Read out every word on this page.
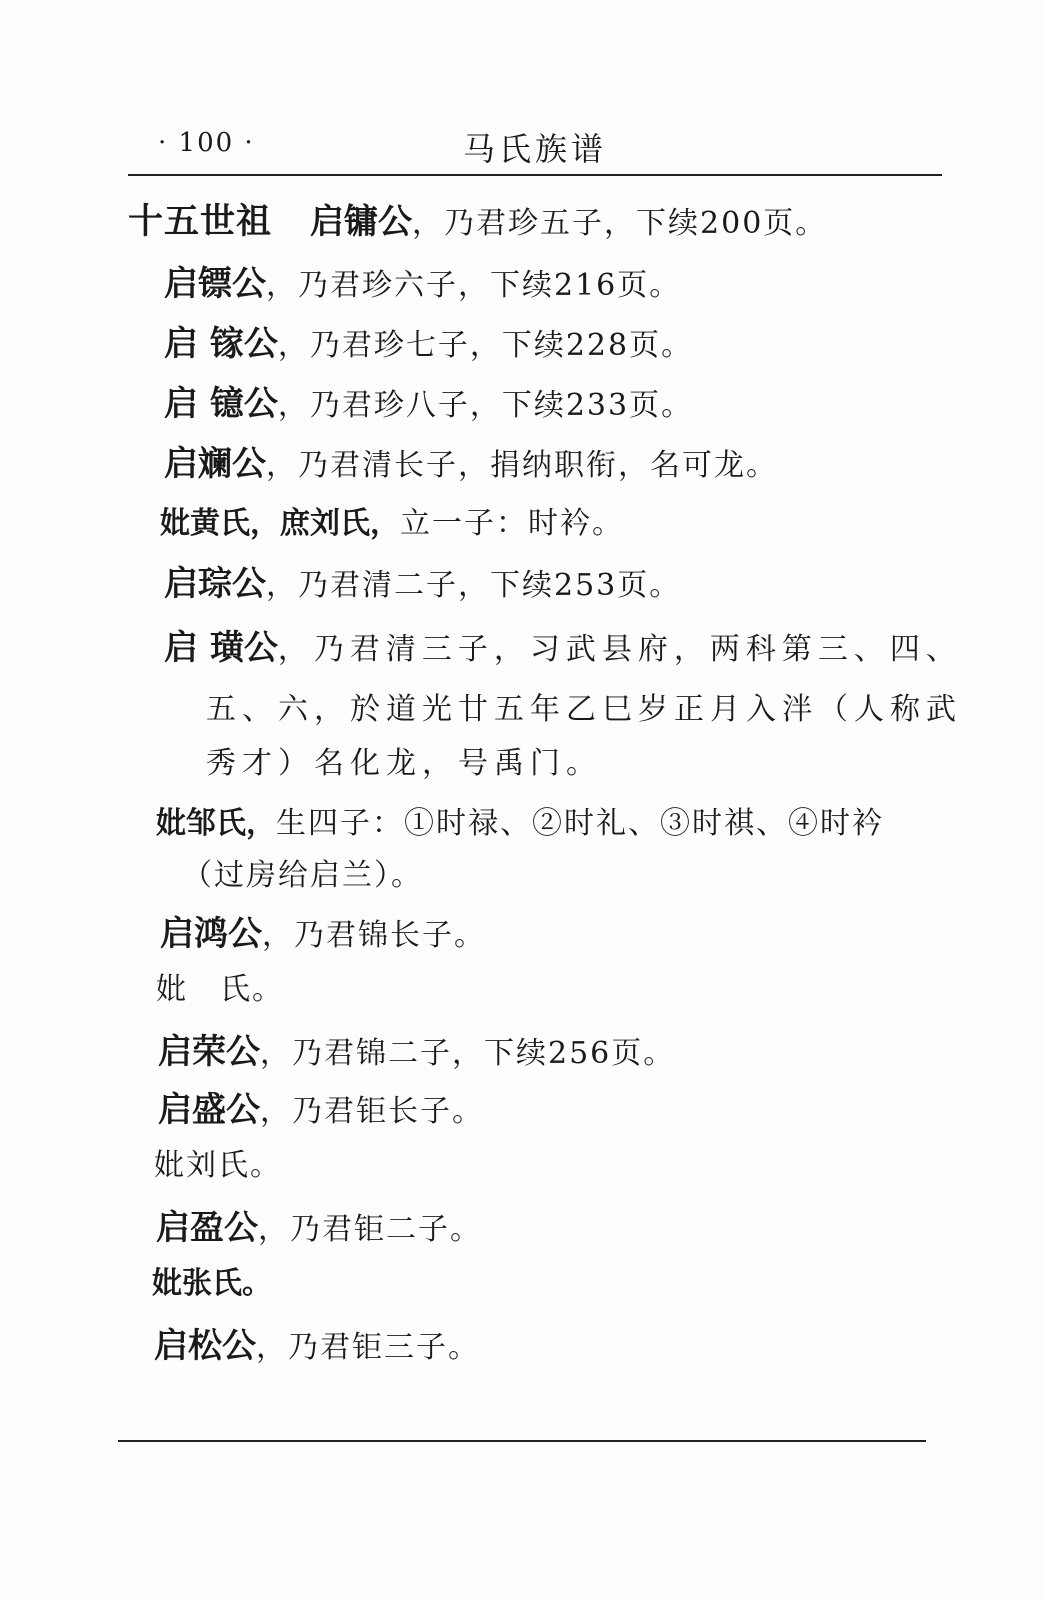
· 100 ·	马氏族谱
十五世祖 启镛公，乃君珍五子，下续200页。
启镖公，乃君珍六子，下续216页。
启 镓公，乃君珍七子，下续228页。
启 镱公，乃君珍八子，下续233页。
启斓公，乃君清长子，捐纳职衔，名可龙。
妣黄氏，庶刘氏，立一子：时衿。
启琮公，乃君清二子，下续253页。
启 璜公，乃君清三子，习武县府，两科第三、四、
五、六，於道光廿五年乙巳岁正月入泮（人称武
秀才）名化龙，号禹门。
妣邹氏，生四子：①时禄、②时礼、③时祺、④时衿
（过房给启兰）。
启鸿公，乃君锦长子。
妣　氏。
启荣公，乃君锦二子，下续256页。
启盛公，乃君钜长子。
妣刘氏。
启盈公，乃君钜二子。
妣张氏。
启松公，乃君钜三子。
